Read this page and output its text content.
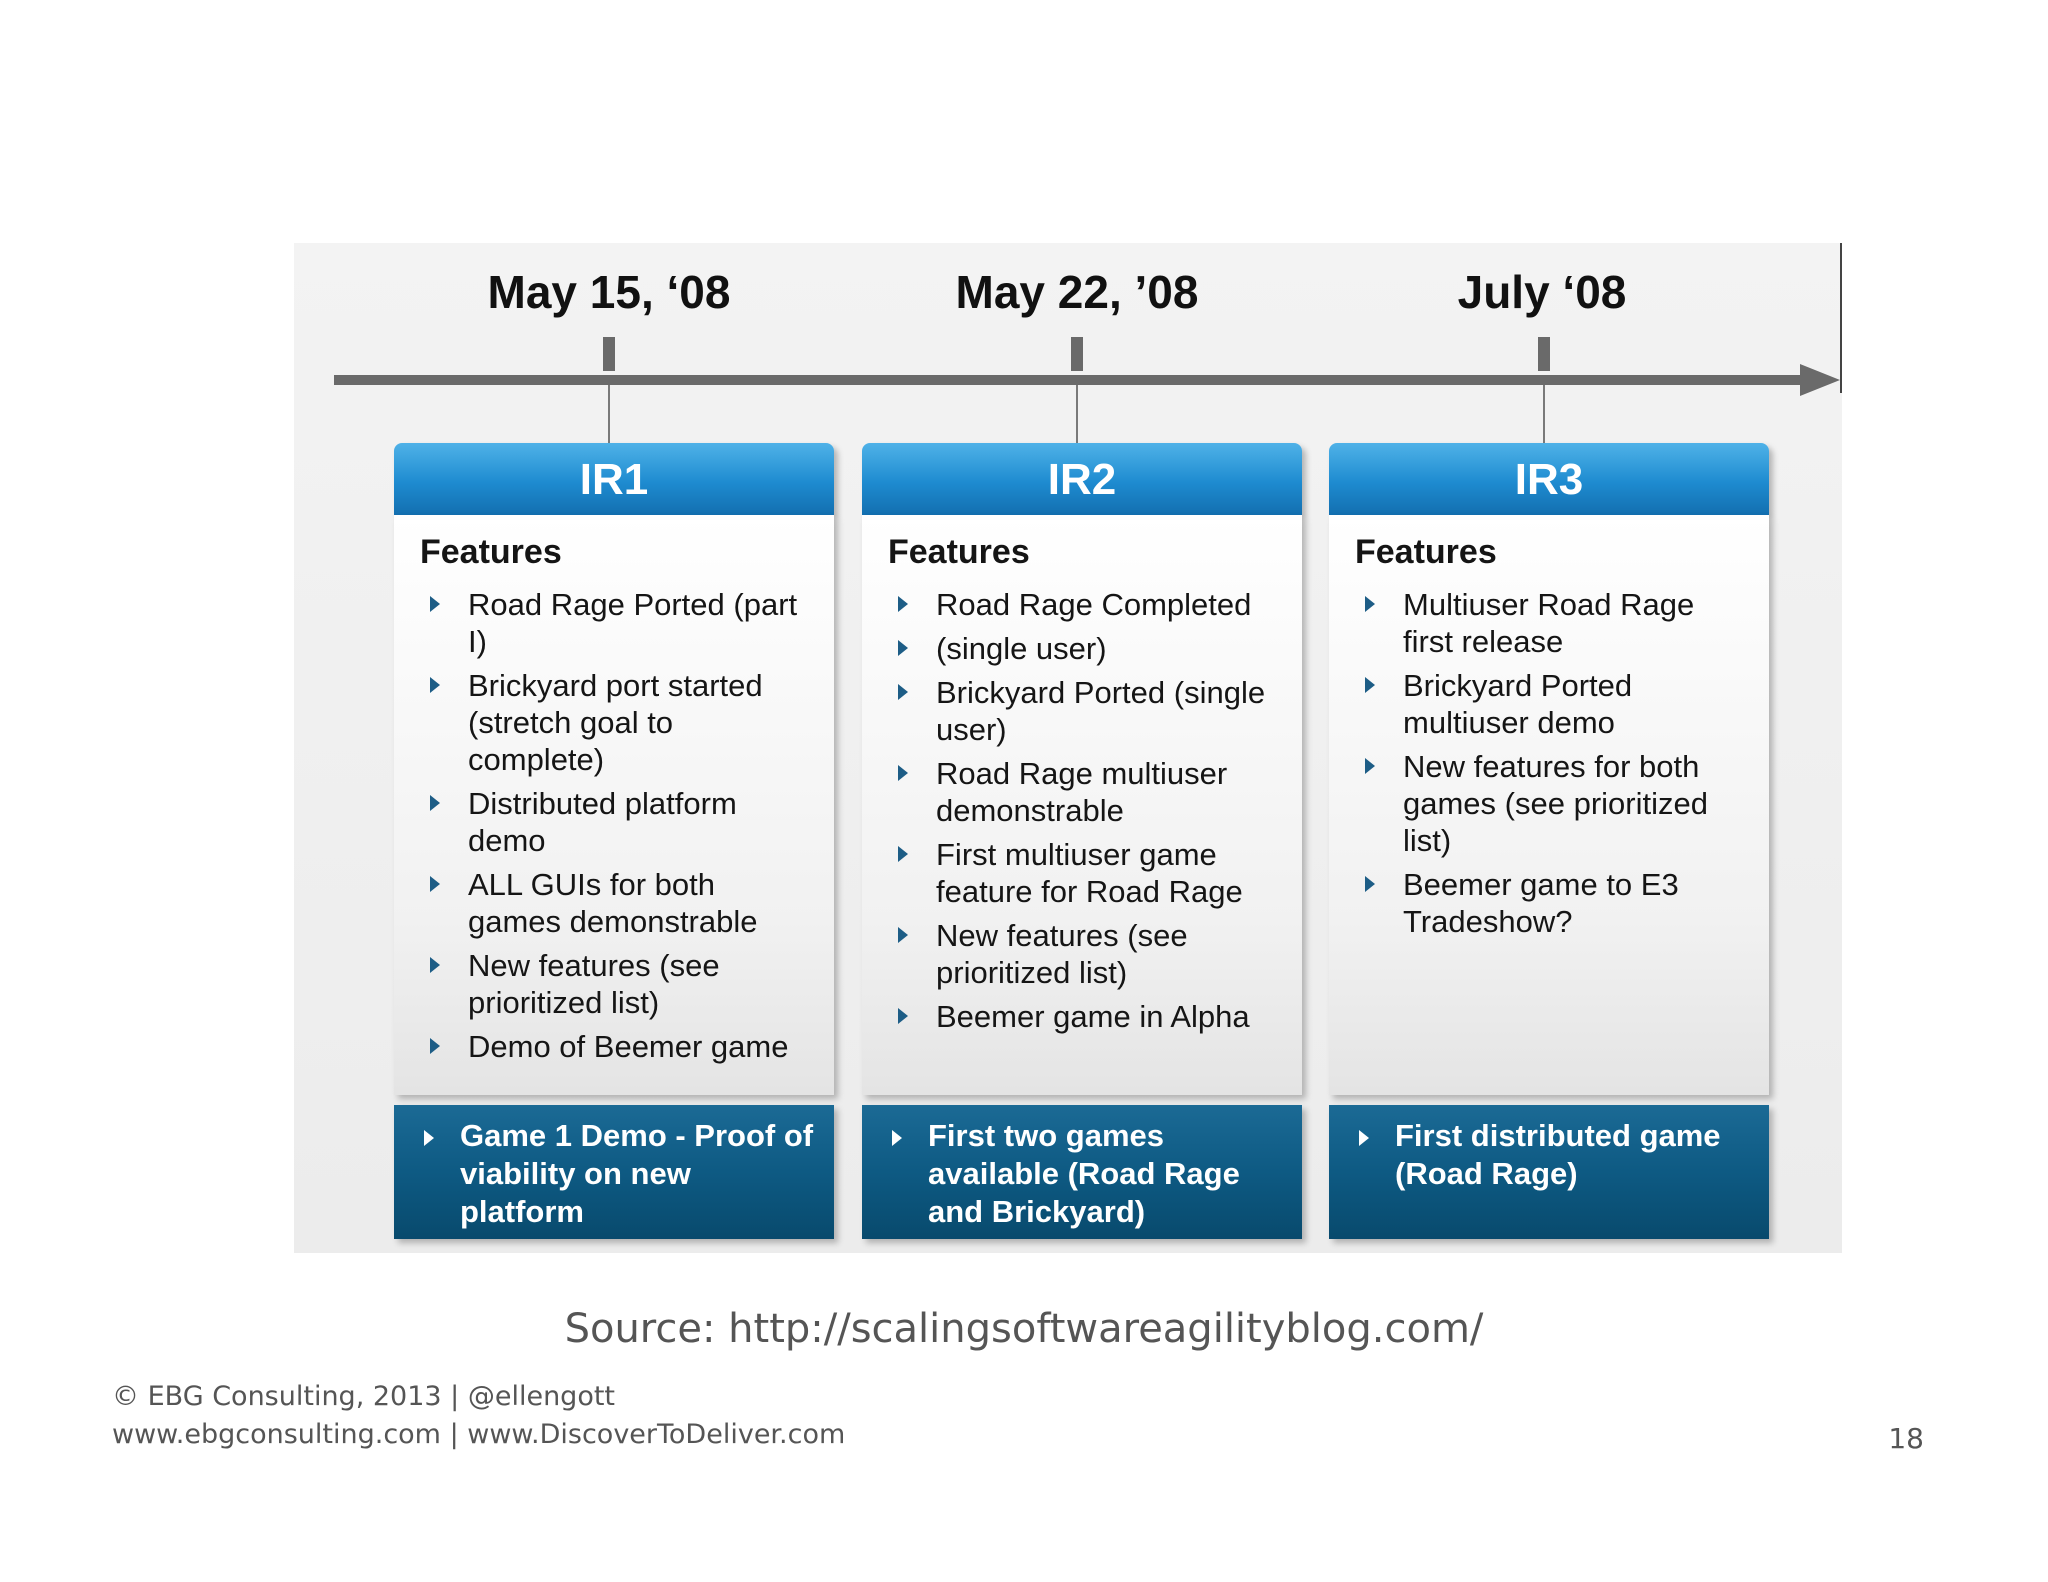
May 15, ‘08	May 22, ’08	July ‘08
IR1
Features
Road Rage Ported (part I)
Brickyard port started (stretch goal to complete)
Distributed platform demo
ALL GUIs for both games demonstrable
New features (see prioritized list)
Demo of Beemer game
Game 1 Demo - Proof of viability on new platform
IR2
Features
Road Rage Completed
(single user)
Brickyard Ported (single user)
Road Rage multiuser demonstrable
First multiuser game feature for Road Rage
New features (see prioritized list)
Beemer game in Alpha
First two games available (Road Rage and Brickyard)
IR3
Features
Multiuser Road Rage first release
Brickyard Ported multiuser demo
New features for both games (see prioritized list)
Beemer game to E3 Tradeshow?
First distributed game (Road Rage)
Source: http://scalingsoftwareagilityblog.com/
© EBG Consulting, 2013 | @ellengott
www.ebgconsulting.com | www.DiscoverToDeliver.com	18
